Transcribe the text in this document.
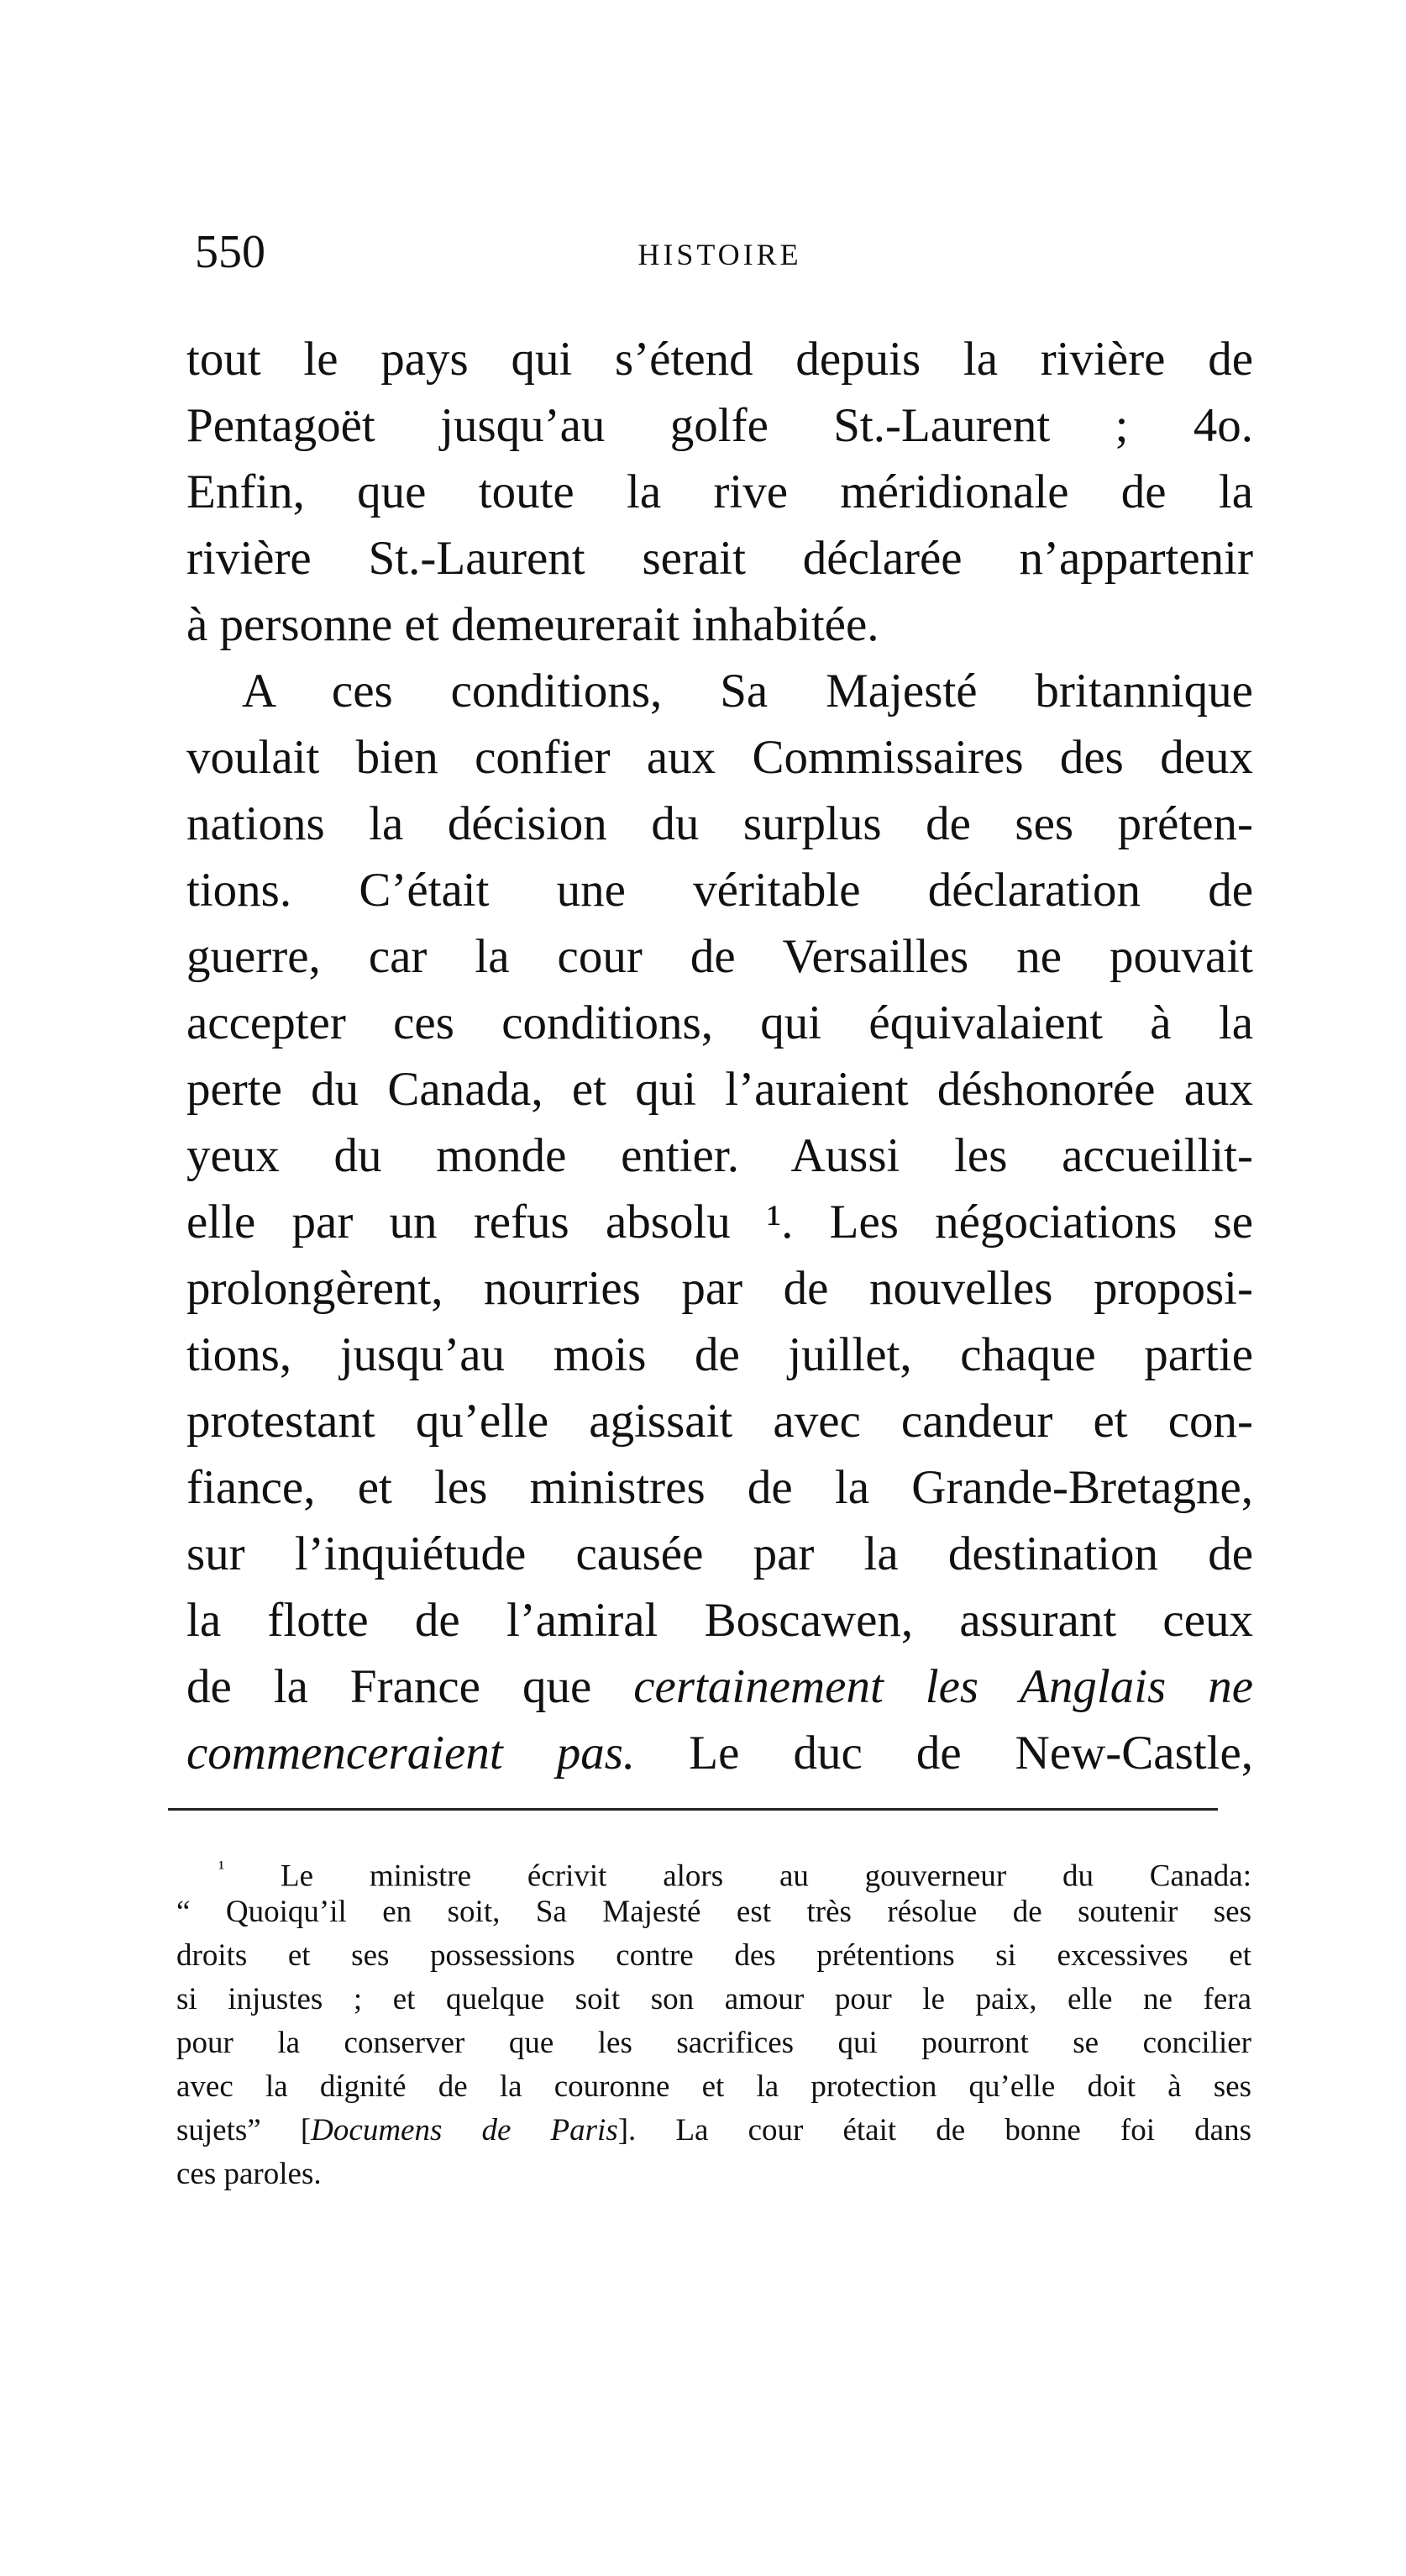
550	HISTOIRE
tout le pays qui s’étend depuis la rivière de
Pentagoët jusqu’au golfe St.-Laurent ; 4o.
Enfin, que toute la rive méridionale de la
rivière St.-Laurent serait déclarée n’appartenir
à personne et demeurerait inhabitée.
A ces conditions, Sa Majesté britannique
voulait bien confier aux Commissaires des deux
nations la décision du surplus de ses préten-
tions. C’était une véritable déclaration de
guerre, car la cour de Versailles ne pouvait
accepter ces conditions, qui équivalaient à la
perte du Canada, et qui l’auraient déshonorée aux
yeux du monde entier. Aussi les accueillit-
elle par un refus absolu ¹. Les négociations se
prolongèrent, nourries par de nouvelles proposi-
tions, jusqu’au mois de juillet, chaque partie
protestant qu’elle agissait avec candeur et con-
fiance, et les ministres de la Grande-Bretagne,
sur l’inquiétude causée par la destination de
la flotte de l’amiral Boscawen, assurant ceux
de la France que certainement les Anglais ne
commenceraient pas. Le duc de New-Castle,
$^{^1}$ Le ministre écrivit alors au gouverneur du Canada:
“ Quoiqu’il en soit, Sa Majesté est très résolue de soutenir ses
droits et ses possessions contre des prétentions si excessives et
si injustes ; et quelque soit son amour pour le paix, elle ne fera
pour la conserver que les sacrifices qui pourront se concilier
avec la dignité de la couronne et la protection qu’elle doit à ses
sujets” [Documens de Paris]. La cour était de bonne foi dans
ces paroles.
